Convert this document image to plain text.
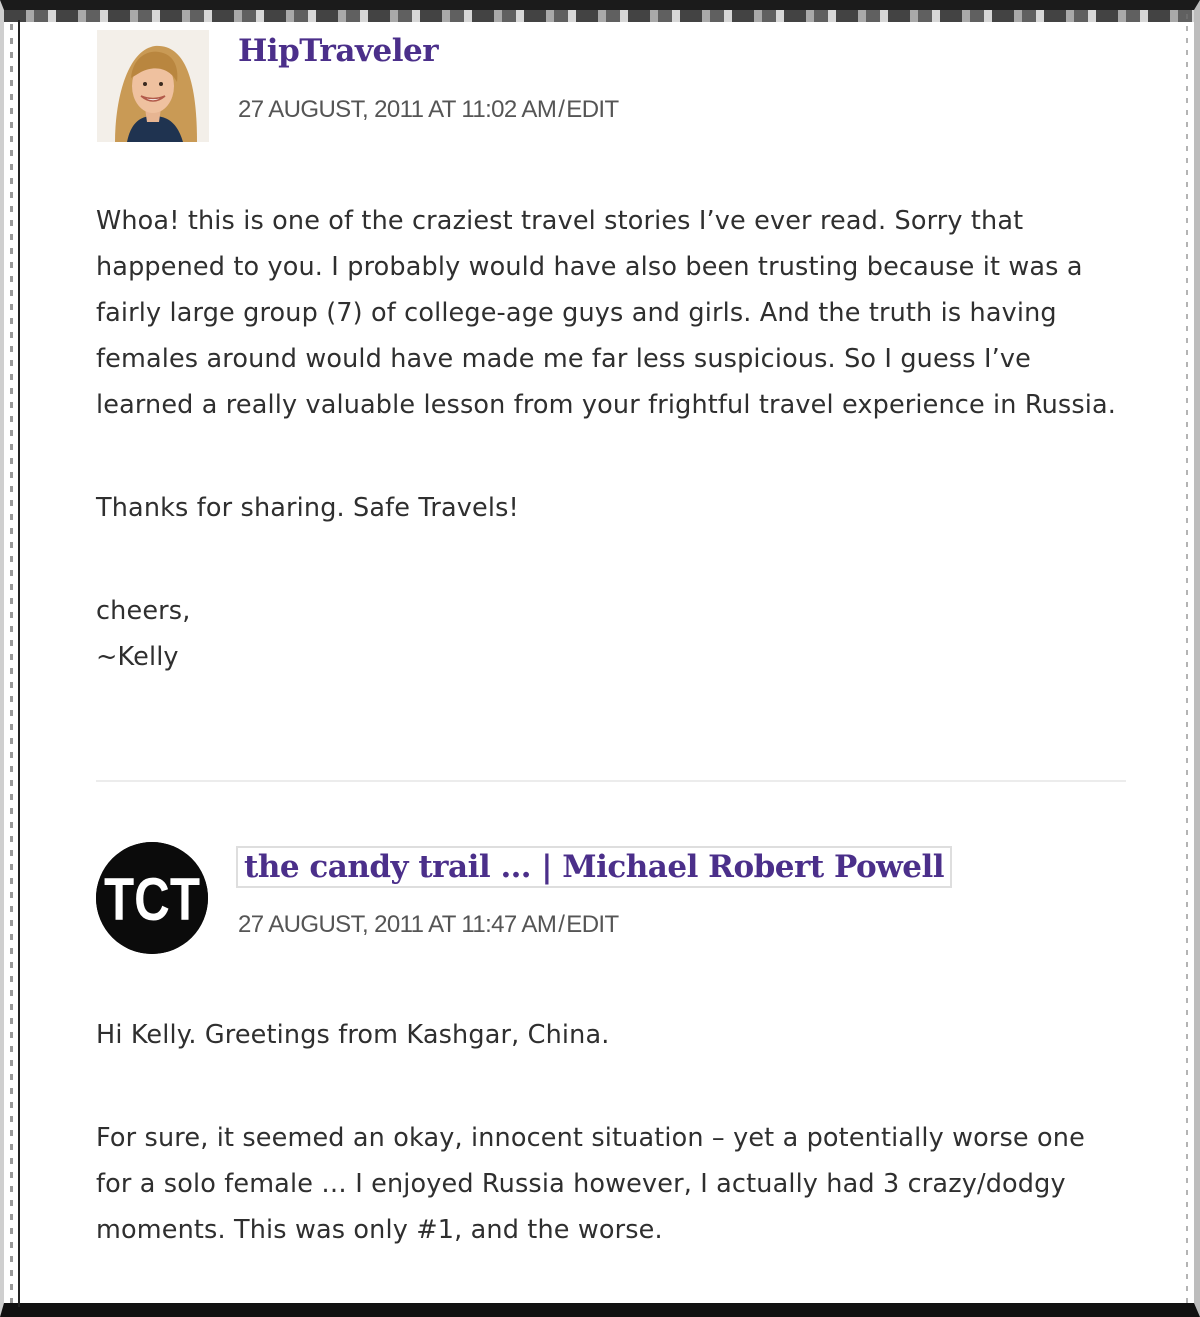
HipTraveler
27 AUGUST, 2011 AT 11:02 AM/EDIT

Whoa! this is one of the craziest travel stories I’ve ever read. Sorry that happened to you. I probably would have also been trusting because it was a fairly large group (7) of college-age guys and girls. And the truth is having females around would have made me far less suspicious. So I guess I’ve learned a really valuable lesson from your frightful travel experience in Russia.

Thanks for sharing. Safe Travels!

cheers,

~Kelly

TCT the candy trail … | Michael Robert Powell
27 AUGUST, 2011 AT 11:47 AM/EDIT

Hi Kelly. Greetings from Kashgar, China.

For sure, it seemed an okay, innocent situation – yet a potentially worse one for a solo female … I enjoyed Russia however, I actually had 3 crazy/dodgy moments. This was only #1, and the worse.
